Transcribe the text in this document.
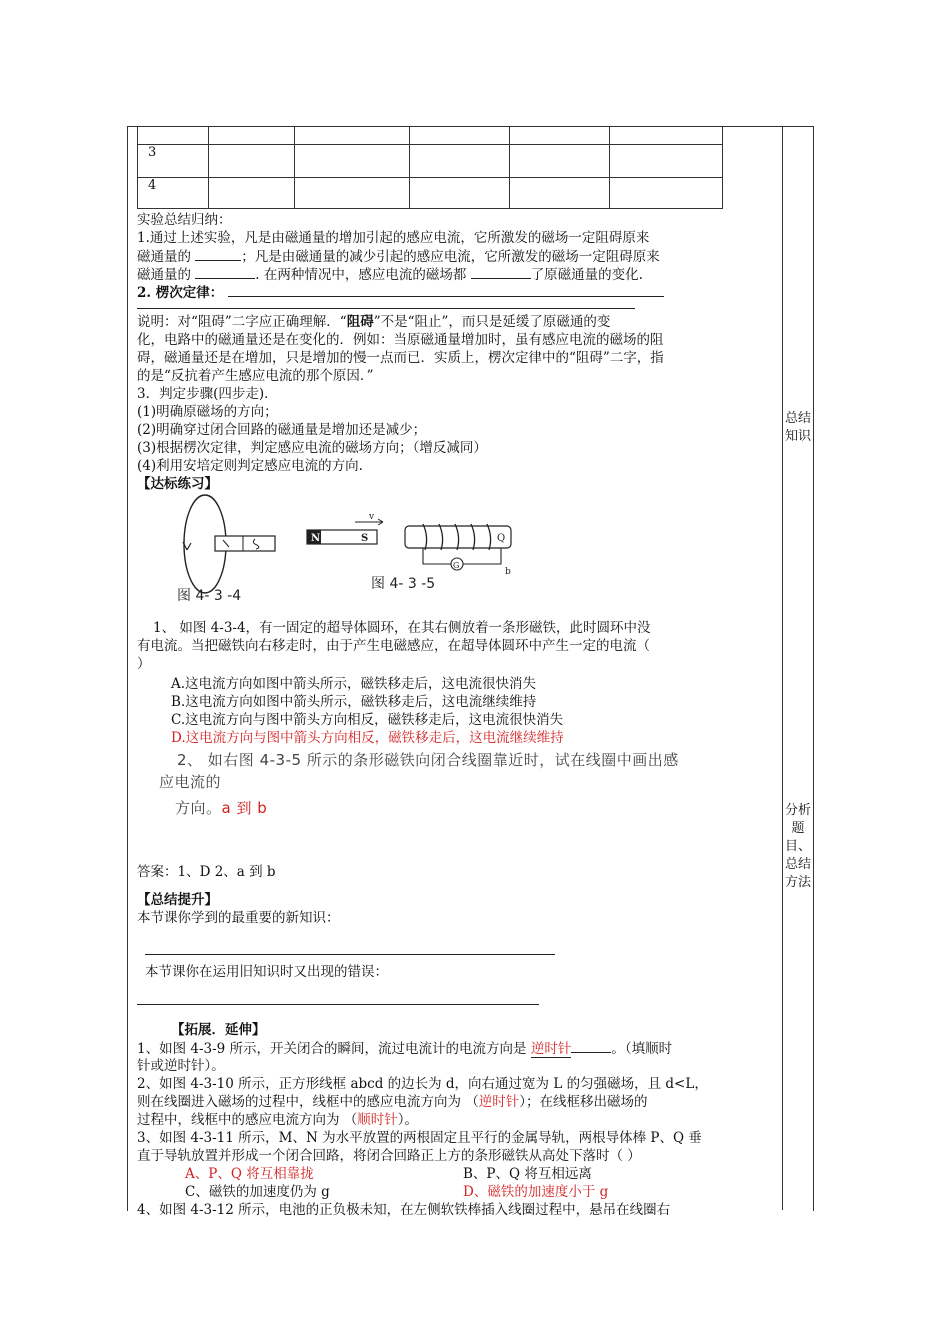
总结知识
分析题目、总结方法

3					
4					
实验总结归纳：
1.通过上述实验，凡是由磁通量的增加引起的感应电流，它所激发的磁场一定阻碍原来
磁通量的	；凡是由磁通量的减少引起的感应电流，它所激发的磁场一定阻碍原来
磁通量的	. 在两种情况中，感应电流的磁场都	了原磁通量的变化.
2. 楞次定律：
说明：对“阻碍”二字应正确理解．“阻碍”不是“阻止”，而只是延缓了原磁通的变
化，电路中的磁通量还是在变化的．例如：当原磁通量增加时，虽有感应电流的磁场的阻
碍，磁通量还是在增加，只是增加的慢一点而已．实质上，楞次定律中的“阻碍”二字，指
的是“反抗着产生感应电流的那个原因．”
3．判定步骤(四步走)．
(1)明确原磁场的方向；
(2)明确穿过闭合回路的磁通量是增加还是减少；
(3)根据楞次定律，判定感应电流的磁场方向；（增反减同）
(4)利用安培定则判定感应电流的方向.
【达标练习】
N	S
v
Q
G
b
图 4- 3 -4
图 4- 3 -5
1、 如图 4-3-4，有一固定的超导体圆环，在其右侧放着一条形磁铁，此时圆环中没
有电流。当把磁铁向右移走时，由于产生电磁感应，在超导体圆环中产生一定的电流（
）
A.这电流方向如图中箭头所示，磁铁移走后，这电流很快消失
B.这电流方向如图中箭头所示，磁铁移走后，这电流继续维持
C.这电流方向与图中箭头方向相反，磁铁移走后，这电流很快消失
D.这电流方向与图中箭头方向相反，磁铁移走后，这电流继续维持
2、 如右图 4-3-5 所示的条形磁铁向闭合线圈靠近时，试在线圈中画出感
应电流的
方向。a 到 b
答案：1、D 2、a 到 b
【总结提升】
本节课你学到的最重要的新知识：
本节课你在运用旧知识时又出现的错误：
【拓展．延伸】
1、如图 4-3-9 所示，开关闭合的瞬间，流过电流计的电流方向是 逆时针	。（填顺时
针或逆时针）。
2、如图 4-3-10 所示，正方形线框 abcd 的边长为 d，向右通过宽为 L 的匀强磁场，且 d<L，
则在线圈进入磁场的过程中，线框中的感应电流方向为 （逆时针）；在线框移出磁场的
过程中，线框中的感应电流方向为 （顺时针）。
3、如图 4-3-11 所示，M、N 为水平放置的两根固定且平行的金属导轨，两根导体棒 P、Q 垂
直于导轨放置并形成一个闭合回路，将闭合回路正上方的条形磁铁从高处下落时（ ）
A、P、Q 将互相靠拢	B、P、Q 将互相远离
C、磁铁的加速度仍为 g	D、磁铁的加速度小于 g
4、如图 4-3-12 所示，电池的正负极未知，在左侧软铁棒插入线圈过程中，悬吊在线圈右
